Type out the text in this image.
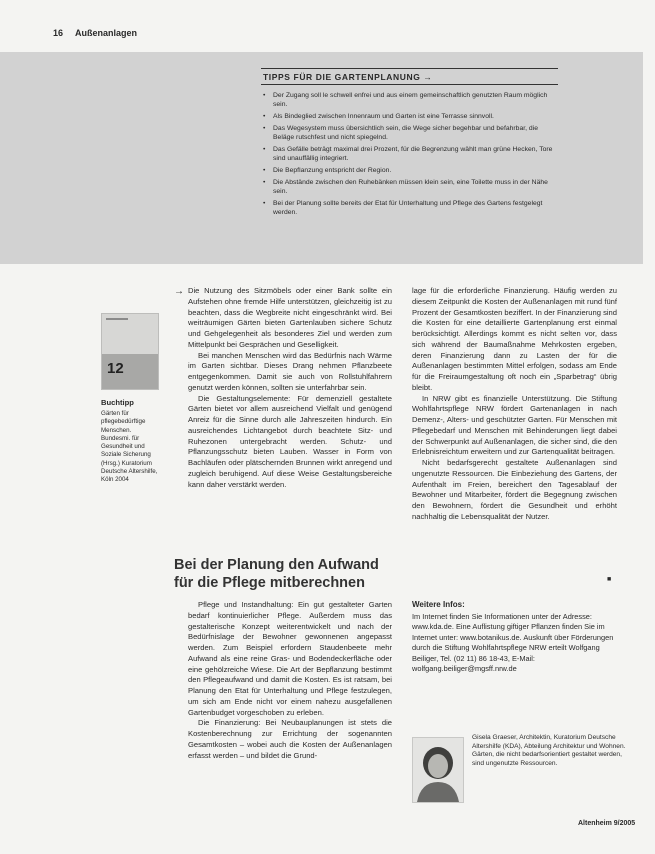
16 Außenanlagen
TIPPS FÜR DIE GARTENPLANUNG →
• Der Zugang soll le schwell enfrei und aus einem gemeinschaftlich genutzten Raum möglich sein.
• Als Bindeglied zwischen Innenraum und Garten ist eine Terrasse sinnvoll.
• Das Wegesystem muss übersichtlich sein, die Wege sicher begehbar und befahrbar, die Beläge rutschfest und nicht spiegelnd.
• Das Gefälle beträgt maximal drei Prozent, für die Begrenzung wählt man grüne Hecken, Tore sind unauffällig integriert.
• Die Bepflanzung entspricht der Region.
• Die Abstände zwischen den Ruhebänken müssen klein sein, eine Toilette muss in der Nähe sein.
• Bei der Planung sollte bereits der Etat für Unterhaltung und Pflege des Gartens festgelegt werden.
12
Buchtipp

Gärten für pflegebedürftige Menschen. Bundesmi. für Gesundheit und Soziale Sicherung (Hrsg.) Kuratorium Deutsche Altershilfe, Köln 2004

→ Die Nutzung des Sitzmöbels oder einer Bank sollte ein Aufstehen ohne fremde Hilfe unterstützen, gleichzeitig ist zu beachten, dass die Wegbreite nicht eingeschränkt wird. Bei weiträumigen Gärten bieten Gartenlauben sichere Schutz und Gehgelegenheit als besonderes Ziel und werden zum Mittelpunkt bei Gesprächen und Geselligkeit.

Bei manchen Menschen wird das Bedürfnis nach Wärme im Garten sichtbar. Dieses Drang nehmen Pflanzbeete entgegenkommen. Damit sie auch von Rollstuhlfahrern genutzt werden können, sollten sie unterfahrbar sein.

Die Gestaltungselemente: Für demenziell gestaltete Gärten bietet vor allem ausreichend Vielfalt und genügend Anreiz für die Sinne durch alle Jahreszeiten hindurch. Ein ausreichendes Lichtangebot durch beachtete Sitz- und Ruhezonen untergebracht werden. Schutz- und Pflanzungsschutz bieten Lauben. Wasser in Form von Bachläufen oder plätschernden Brunnen wirkt anregend und zugleich beruhigend. Auf diese Weise Gestaltungsbereiche kann daher verstärkt werden.

Bei der Planung den Aufwand für die Pflege mitberechnen

Pflege und Instandhaltung: Ein gut gestalteter Garten bedarf kontinuierlicher Pflege. Außerdem muss das gestalterische Konzept weiterentwickelt und nach der Bedürfnislage der Bewohner gewonnenen angepasst werden. Zum Beispiel erfordern Staudenbeete mehr Aufwand als eine reine Gras- und Bodendeckerfläche oder eine gehölzreiche Wiese. Die Art der Bepflanzung bestimmt den Pflegeaufwand und damit die Kosten. Es ist ratsam, bei Planung den Etat für Unterhaltung und Pflege festzulegen, um sich am Ende nicht vor einem nahezu ausgefallenen Gartenbudget vorgeschoben zu erleben.

Die Finanzierung: Bei Neubauplanungen ist stets die Kostenberechnung zur Errichtung der sogenannten Gesamtkosten – wobei auch die Kosten der Außenanlagen erfasst werden – und bildet die Grund-

lage für die erforderliche Finanzierung. Häufig werden zu diesem Zeitpunkt die Kosten der Außenanlagen mit rund fünf Prozent der Gesamtkosten beziffert. In der Finanzierung sind die Kosten für eine detaillierte Gartenplanung erst einmal berücksichtigt. Allerdings kommt es nicht selten vor, dass sich während der Baumaßnahme Mehrkosten ergeben, deren Finanzierung dann zu Lasten der für die Außenanlagen bestimmten Mittel erfolgen, sodass am Ende für die Freiraumgestaltung oft noch ein „Sparbetrag“ übrig bleibt.

In NRW gibt es finanzielle Unterstützung. Die Stiftung Wohlfahrtspflege NRW fördert Gartenanlagen in nach Demenz-, Alters- und geschützter Garten. Für Menschen mit Pflegebedarf und Menschen mit Behinderungen liegt dabei der Schwerpunkt auf Außenanlagen, die sicher sind, die den Erlebnisreichtum erweitern und zur Gartenqualität beitragen.

Nicht bedarfsgerecht gestaltete Außenanlagen sind ungenutzte Ressourcen. Die Einbeziehung des Gartens, der Aufenthalt im Freien, bereichert den Tagesablauf der Bewohner und Mitarbeiter, fördert die Begegnung zwischen den Bewohnern, fördert die Gesundheit und erhöht nachhaltig die Lebensqualität der Nutzer.

■
Weitere Infos:

Im Internet finden Sie Informationen unter der Adresse: www.kda.de. Eine Auflistung giftiger Pflanzen finden Sie im Internet unter: www.botanikus.de. Auskunft über Förderungen durch die Stiftung Wohlfahrtspflege NRW erteilt Wolfgang Beiliger, Tel. (02 11) 86 18-43, E-Mail: wolfgang.beiliger@mgsff.nrw.de

Gisela Graeser, Architektin, Kuratorium Deutsche Altershilfe (KDA), Abteilung Architektur und Wohnen. Gärten, die nicht bedarfsorientiert gestaltet werden, sind ungenutzte Ressourcen.

Altenheim 9/2005
